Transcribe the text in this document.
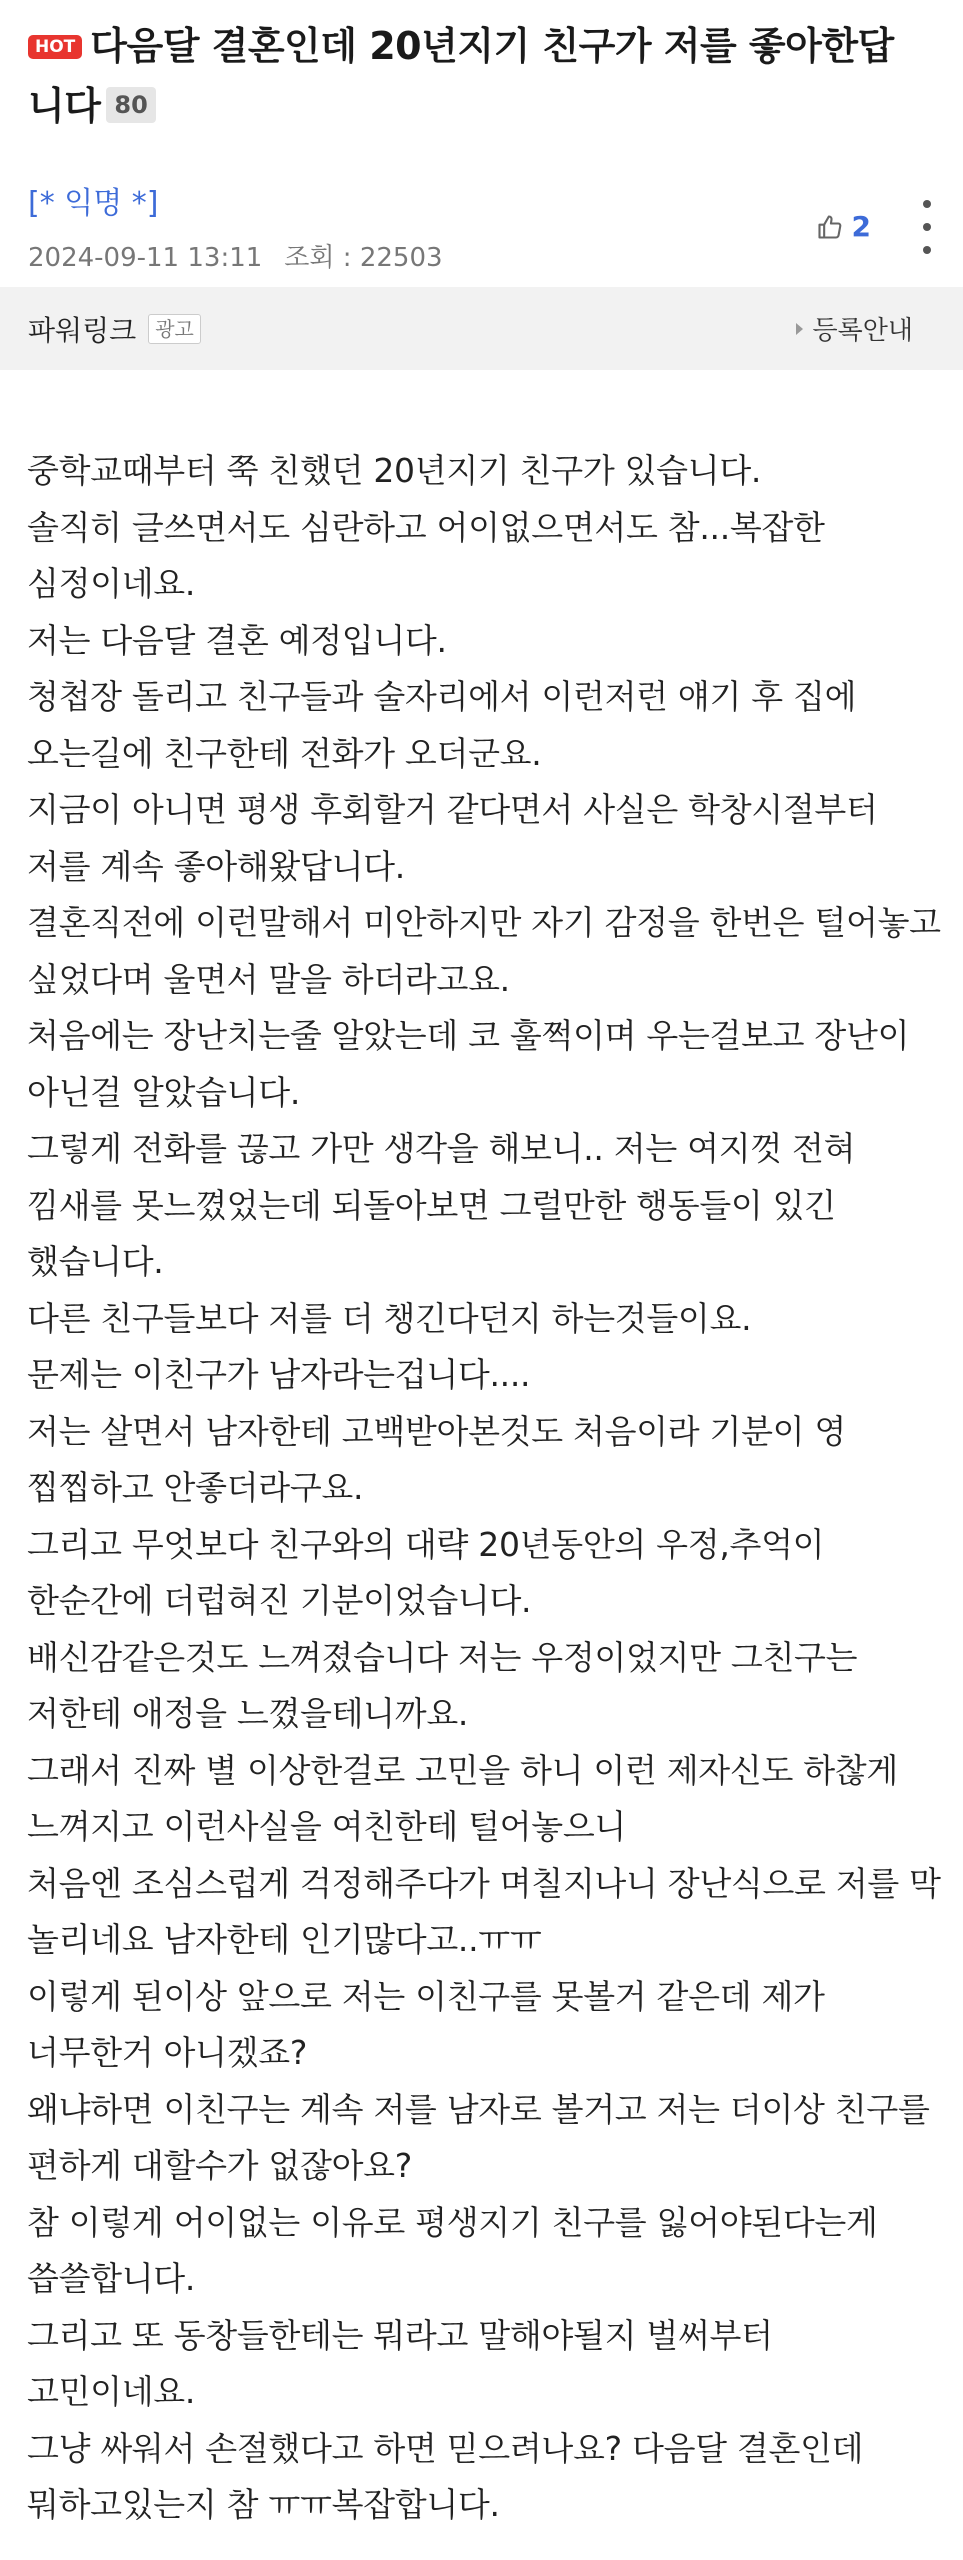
HOT 다음달 결혼인데 20년지기 친구가 저를 좋아한답니다 80
[* 익명 *]
2024-09-11 13:11 조회 : 22503
2
파워링크 광고	등록안내

중학교때부터 쭉 친했던 20년지기 친구가 있습니다.

솔직히 글쓰면서도 심란하고 어이없으면서도 참...복잡한 심정이네요.

저는 다음달 결혼 예정입니다.

청첩장 돌리고 친구들과 술자리에서 이런저런 얘기 후 집에 오는길에 친구한테 전화가 오더군요.

지금이 아니면 평생 후회할거 같다면서 사실은 학창시절부터 저를 계속 좋아해왔답니다.

결혼직전에 이런말해서 미안하지만 자기 감정을 한번은 털어놓고 싶었다며 울면서 말을 하더라고요.

처음에는 장난치는줄 알았는데 코 훌쩍이며 우는걸보고 장난이 아닌걸 알았습니다.

그렇게 전화를 끊고 가만 생각을 해보니.. 저는 여지껏 전혀 낌새를 못느꼈었는데 되돌아보면 그럴만한 행동들이 있긴 했습니다.

다른 친구들보다 저를 더 챙긴다던지 하는것들이요.

문제는 이친구가 남자라는겁니다....

저는 살면서 남자한테 고백받아본것도 처음이라 기분이 영 찝찝하고 안좋더라구요.

그리고 무엇보다 친구와의 대략 20년동안의 우정,추억이 한순간에 더럽혀진 기분이었습니다.

배신감같은것도 느껴졌습니다 저는 우정이었지만 그친구는 저한테 애정을 느꼈을테니까요.

그래서 진짜 별 이상한걸로 고민을 하니 이런 제자신도 하찮게 느껴지고 이런사실을 여친한테 털어놓으니

처음엔 조심스럽게 걱정해주다가 며칠지나니 장난식으로 저를 막 놀리네요 남자한테 인기많다고..ㅠㅠ

이렇게 된이상 앞으로 저는 이친구를 못볼거 같은데 제가 너무한거 아니겠죠?

왜냐하면 이친구는 계속 저를 남자로 볼거고 저는 더이상 친구를 편하게 대할수가 없잖아요?

참 이렇게 어이없는 이유로 평생지기 친구를 잃어야된다는게 씁쓸합니다.

그리고 또 동창들한테는 뭐라고 말해야될지 벌써부터 고민이네요.

그냥 싸워서 손절했다고 하면 믿으려나요? 다음달 결혼인데 뭐하고있는지 참 ㅠㅠ복잡합니다.
